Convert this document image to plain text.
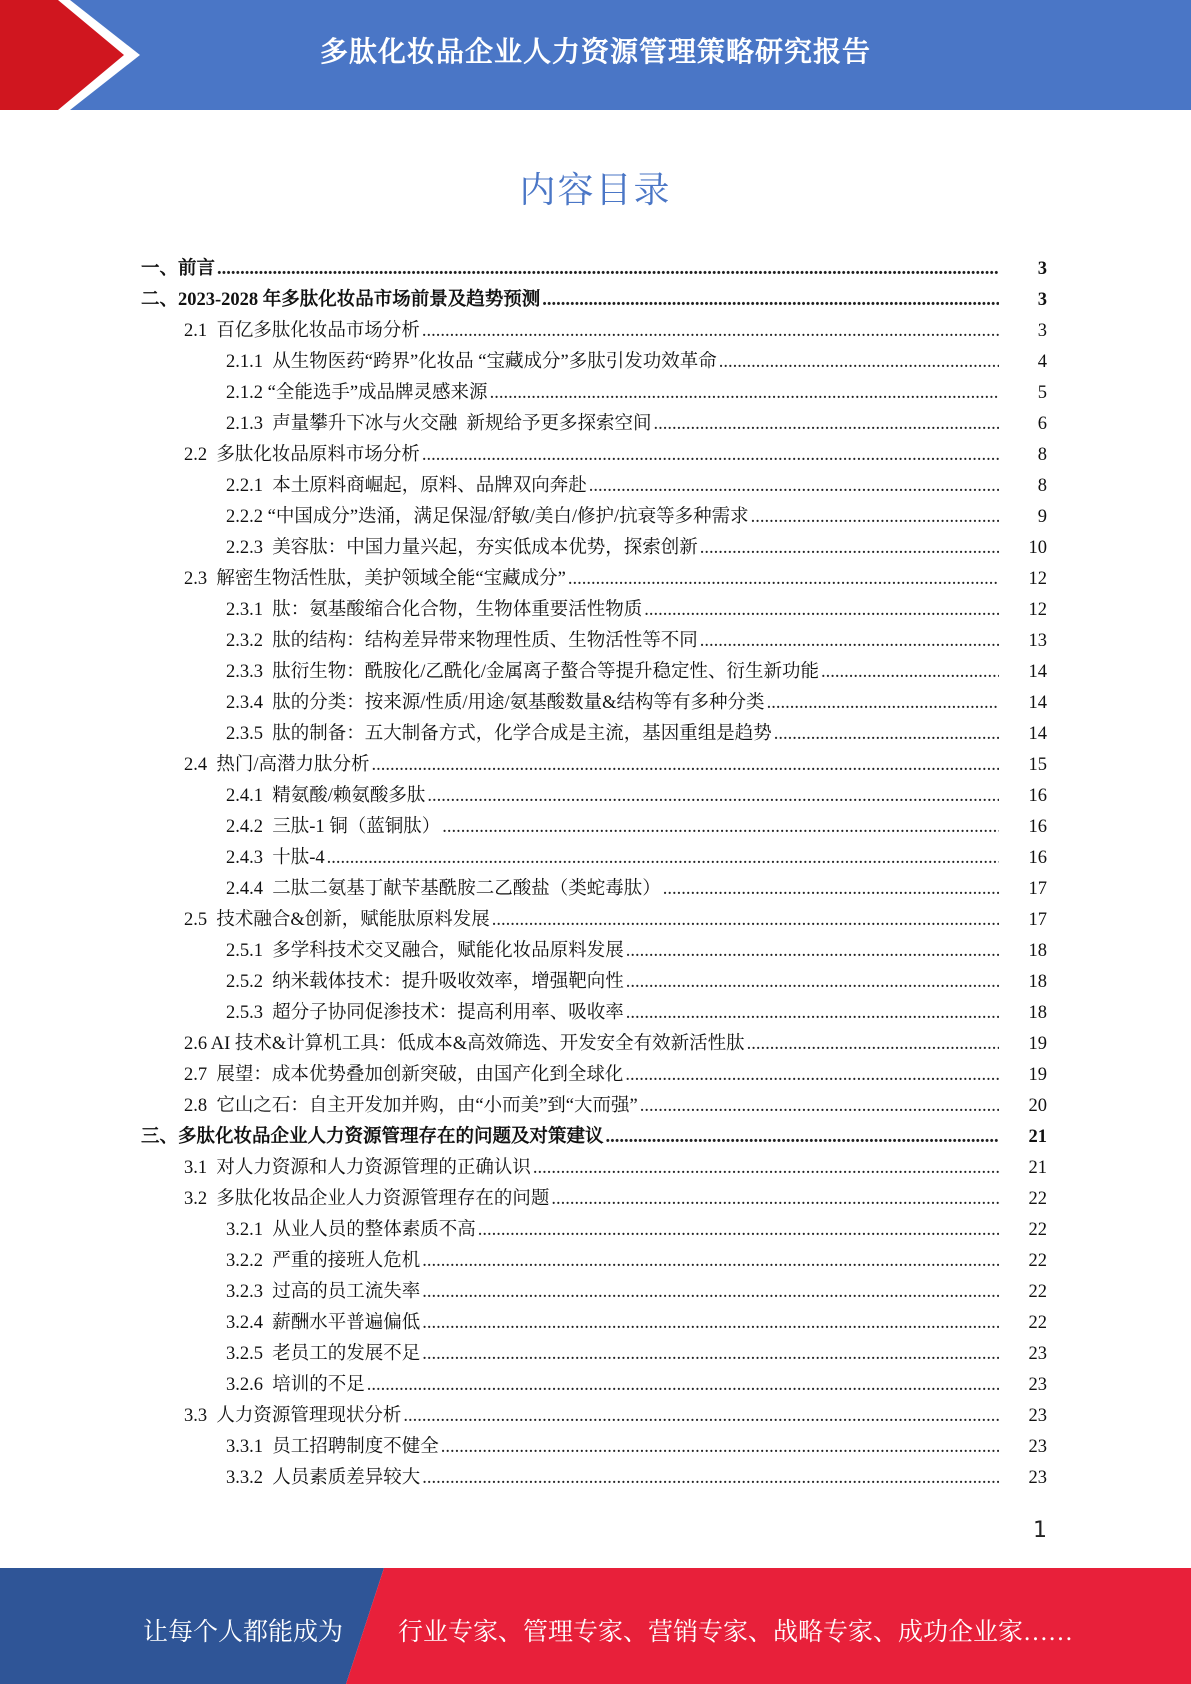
多肽化妆品企业人力资源管理策略研究报告
内容目录
一、前言 .....	3
二、2023-2028 年多肽化妆品市场前景及趋势预测 .....	3
2.1  百亿多肽化妆品市场分析 .....	3
2.1.1  从生物医药“跨界”化妆品 “宝藏成分”多肽引发功效革命 .....	4
2.1.2 “全能选手”成品牌灵感来源 .....	5
2.1.3  声量攀升下冰与火交融  新规给予更多探索空间 .....	6
2.2  多肽化妆品原料市场分析 .....	8
2.2.1  本土原料商崛起，原料、品牌双向奔赴 .....	8
2.2.2 “中国成分”迭涌，满足保湿/舒敏/美白/修护/抗衰等多种需求 .....	9
2.2.3  美容肽：中国力量兴起，夯实低成本优势，探索创新 .....	10
2.3  解密生物活性肽，美护领域全能“宝藏成分” .....	12
2.3.1  肽：氨基酸缩合化合物，生物体重要活性物质 .....	12
2.3.2  肽的结构：结构差异带来物理性质、生物活性等不同 .....	13
2.3.3  肽衍生物：酰胺化/乙酰化/金属离子螯合等提升稳定性、衍生新功能 .....	14
2.3.4  肽的分类：按来源/性质/用途/氨基酸数量&结构等有多种分类 .....	14
2.3.5  肽的制备：五大制备方式，化学合成是主流，基因重组是趋势 .....	14
2.4  热门/高潜力肽分析 .....	15
2.4.1  精氨酸/赖氨酸多肽 .....	16
2.4.2  三肽-1 铜（蓝铜肽） .....	16
2.4.3  十肽-4 .....	16
2.4.4  二肽二氨基丁献苄基酰胺二乙酸盐（类蛇毒肽） .....	17
2.5  技术融合&创新，赋能肽原料发展 .....	17
2.5.1  多学科技术交叉融合，赋能化妆品原料发展 .....	18
2.5.2  纳米载体技术：提升吸收效率，增强靶向性 .....	18
2.5.3  超分子协同促渗技术：提高利用率、吸收率 .....	18
2.6 AI 技术&计算机工具：低成本&高效筛选、开发安全有效新活性肽 .....	19
2.7  展望：成本优势叠加创新突破，由国产化到全球化 .....	19
2.8  它山之石：自主开发加并购，由“小而美”到“大而强” .....	20
三、多肽化妆品企业人力资源管理存在的问题及对策建议 .....	21
3.1  对人力资源和人力资源管理的正确认识 .....	21
3.2  多肽化妆品企业人力资源管理存在的问题 .....	22
3.2.1  从业人员的整体素质不高 .....	22
3.2.2  严重的接班人危机 .....	22
3.2.3  过高的员工流失率 .....	22
3.2.4  薪酬水平普遍偏低 .....	22
3.2.5  老员工的发展不足 .....	23
3.2.6  培训的不足 .....	23
3.3  人力资源管理现状分析 .....	23
3.3.1  员工招聘制度不健全 .....	23
3.3.2  人员素质差异较大 .....	23
1
让每个人都能成为 行业专家、管理专家、营销专家、战略专家、成功企业家……
